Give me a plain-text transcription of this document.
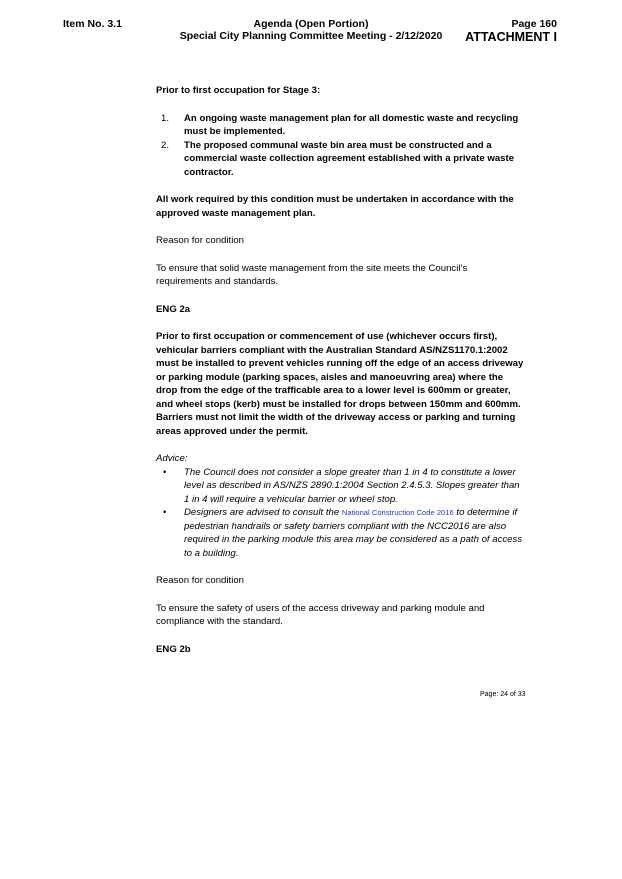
Item No. 3.1	Agenda (Open Portion)
Special City Planning Committee Meeting - 2/12/2020
Page 160
ATTACHMENT I

Prior to first occupation for Stage 3:

1.	An ongoing waste management plan for all domestic waste and recycling must be implemented.
2.	The proposed communal waste bin area must be constructed and a commercial waste collection agreement established with a private waste contractor.

All work required by this condition must be undertaken in accordance with the approved waste management plan.

Reason for condition

To ensure that solid waste management from the site meets the Council’s requirements and standards.

ENG 2a

Prior to first occupation or commencement of use (whichever occurs first), vehicular barriers compliant with the Australian Standard AS/NZS1170.1:2002 must be installed to prevent vehicles running off the edge of an access driveway or parking module (parking spaces, aisles and manoeuvring area) where the drop from the edge of the trafficable area to a lower level is 600mm or greater, and wheel stops (kerb) must be installed for drops between 150mm and 600mm. Barriers must not limit the width of the driveway access or parking and turning areas approved under the permit.

Advice:

•	The Council does not consider a slope greater than 1 in 4 to constitute a lower level as described in AS/NZS 2890.1:2004 Section 2.4.5.3. Slopes greater than 1 in 4 will require a vehicular barrier or wheel stop.
•	Designers are advised to consult the National Construction Code 2016 to determine if pedestrian handrails or safety barriers compliant with the NCC2016 are also required in the parking module this area may be considered as a path of access to a building.

Reason for condition

To ensure the safety of users of the access driveway and parking module and compliance with the standard.

ENG 2b

Page: 24 of 33
